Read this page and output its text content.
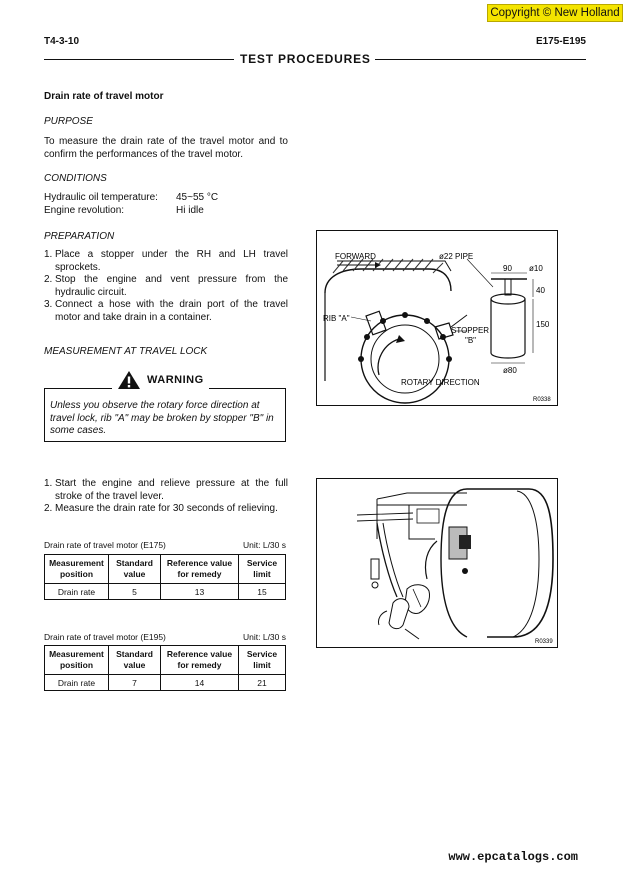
Copyright © New Holland
T4-3-10	E175-E195
TEST PROCEDURES
Drain rate of travel motor
PURPOSE
To measure the drain rate of the travel motor and to confirm the performances of the travel motor.
CONDITIONS
Hydraulic oil temperature: 45~55 °C
Engine revolution:	Hi idle
PREPARATION
1. Place a stopper under the RH and LH travel sprockets.
2. Stop the engine and vent pressure from the hydraulic circuit.
3. Connect a hose with the drain port of the travel motor and take drain in a container.
MEASUREMENT AT TRAVEL LOCK
WARNING
Unless you observe the rotary force direction at travel lock, rib "A" may be broken by stopper "B" in some cases.
1. Start the engine and relieve pressure at the full stroke of the travel lever.
2. Measure the drain rate for 30 seconds of relieving.
Drain rate of travel motor (E175)	Unit: L/30 s
Measurement position	Standard value	Reference value for remedy	Service limit
Drain rate	5	13	15
Drain rate of travel motor (E195)	Unit: L/30 s
Measurement position	Standard value	Reference value for remedy	Service limit
Drain rate	7	14	21
FORWARD	ø22 PIPE
90 ø10
40
150
ø80
RIB "A"
STOPPER
"B"
ROTARY DIRECTION
R0338
R0339
www.epcatalogs.com
